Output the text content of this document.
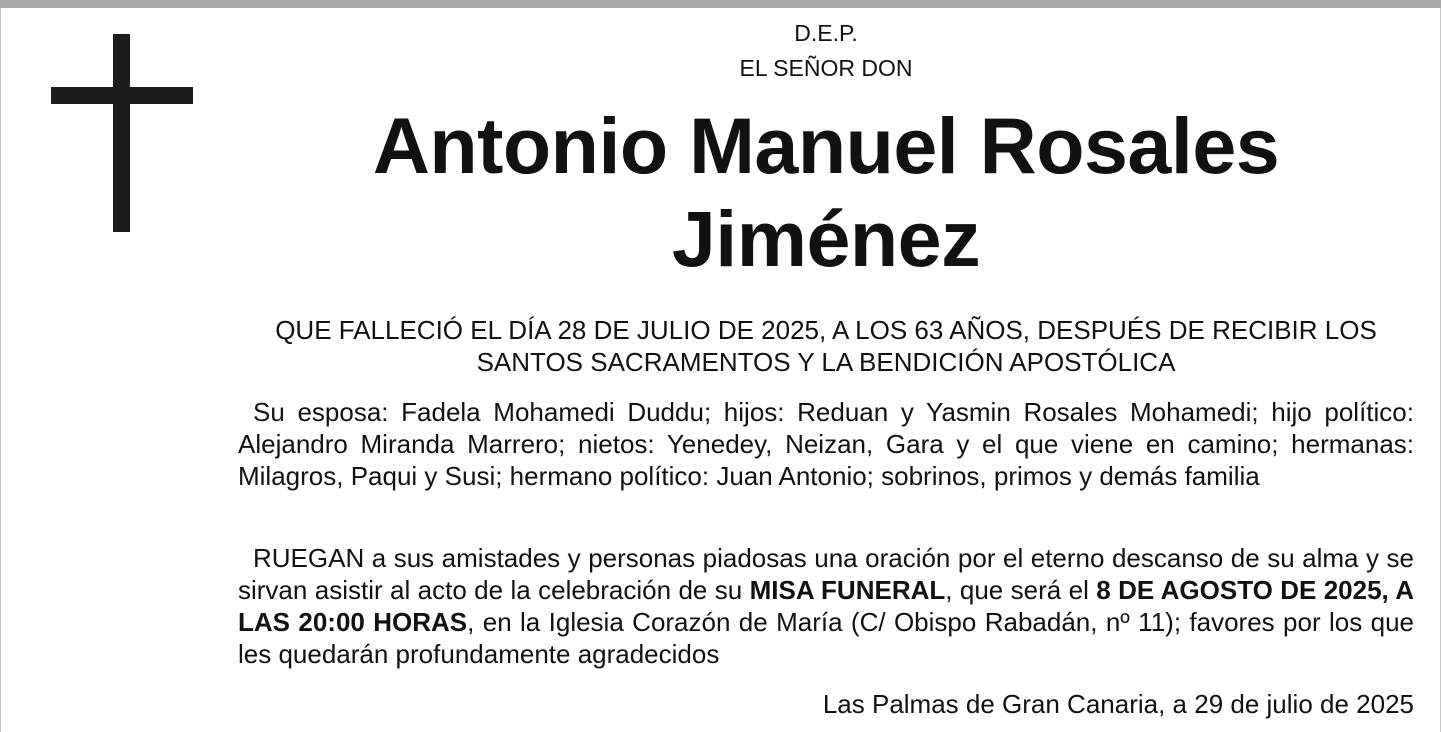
D.E.P.
EL SEÑOR DON
Antonio Manuel Rosales Jiménez
QUE FALLECIÓ EL DÍA 28 DE JULIO DE 2025, A LOS 63 AÑOS, DESPUÉS DE RECIBIR LOS SANTOS SACRAMENTOS Y LA BENDICIÓN APOSTÓLICA
Su esposa: Fadela Mohamedi Duddu; hijos: Reduan y Yasmin Rosales Mohamedi; hijo político: Alejandro Miranda Marrero; nietos: Yenedey, Neizan, Gara y el que viene en camino; hermanas: Milagros, Paqui y Susi; hermano político: Juan Antonio; sobrinos, primos y demás familia
RUEGAN a sus amistades y personas piadosas una oración por el eterno descanso de su alma y se sirvan asistir al acto de la celebración de su MISA FUNERAL, que será el 8 DE AGOSTO DE 2025, A LAS 20:00 HORAS, en la Iglesia Corazón de María (C/ Obispo Rabadán, nº 11); favores por los que les quedarán profundamente agradecidos
Las Palmas de Gran Canaria, a 29 de julio de 2025
